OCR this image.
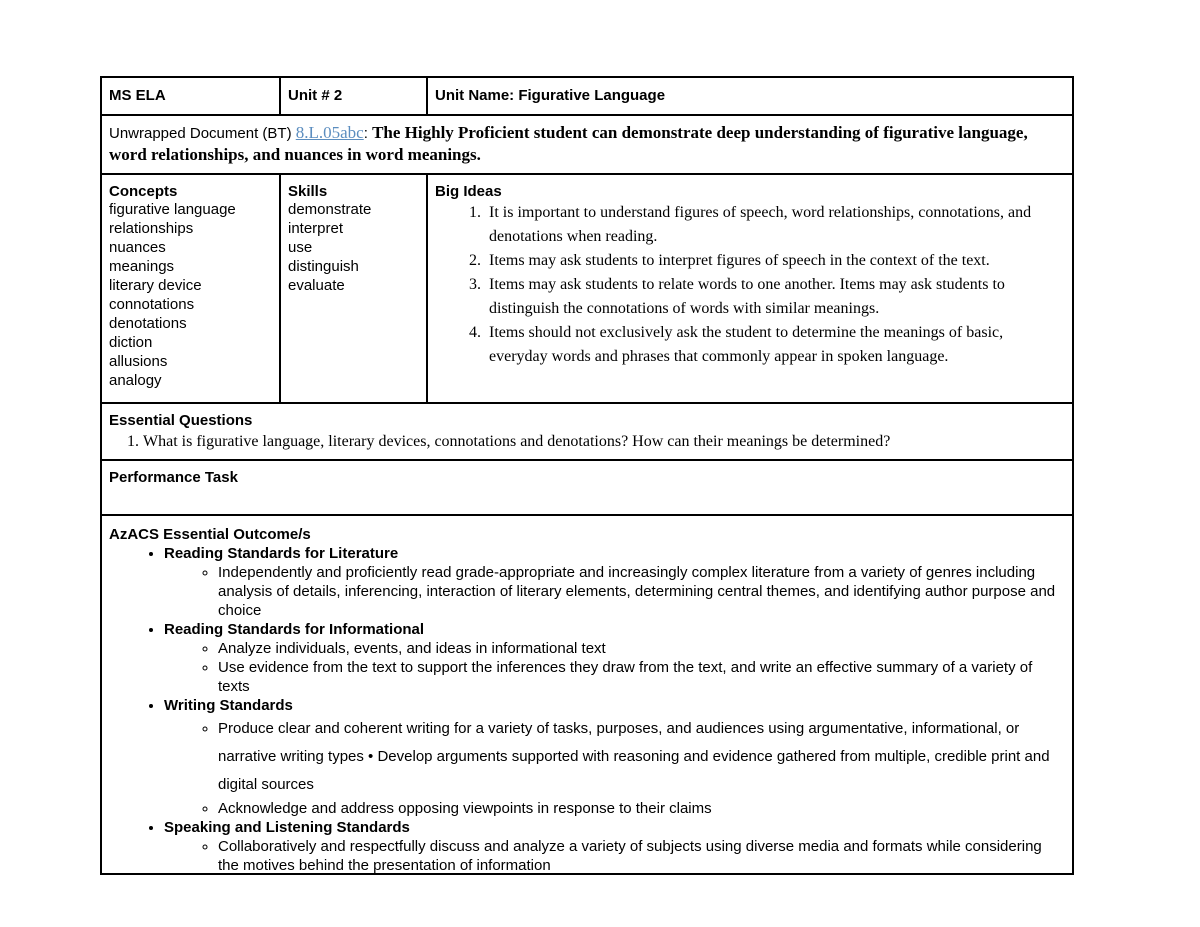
MS ELA	Unit # 2	Unit Name: Figurative Language
Unwrapped Document (BT) 8.L.05abc: The Highly Proficient student can demonstrate deep understanding of figurative language, word relationships, and nuances in word meanings.
Concepts
figurative language
relationships
nuances
meanings
literary device
connotations
denotations
diction
allusions
analogy
Skills
demonstrate
interpret
use
distinguish
evaluate
Big Ideas
1. It is important to understand figures of speech, word relationships, connotations, and denotations when reading.
2. Items may ask students to interpret figures of speech in the context of the text.
3. Items may ask students to relate words to one another. Items may ask students to distinguish the connotations of words with similar meanings.
4. Items should not exclusively ask the student to determine the meanings of basic, everyday words and phrases that commonly appear in spoken language.
Essential Questions
1. What is figurative language, literary devices, connotations and denotations? How can their meanings be determined?
Performance Task
AzACS Essential Outcome/s
• Reading Standards for Literature
◦ Independently and proficiently read grade-appropriate and increasingly complex literature from a variety of genres including analysis of details, inferencing, interaction of literary elements, determining central themes, and identifying author purpose and choice
• Reading Standards for Informational
◦ Analyze individuals, events, and ideas in informational text
◦ Use evidence from the text to support the inferences they draw from the text, and write an effective summary of a variety of texts
• Writing Standards
◦ Produce clear and coherent writing for a variety of tasks, purposes, and audiences using argumentative, informational, or narrative writing types • Develop arguments supported with reasoning and evidence gathered from multiple, credible print and digital sources
◦ Acknowledge and address opposing viewpoints in response to their claims
• Speaking and Listening Standards
◦ Collaboratively and respectfully discuss and analyze a variety of subjects using diverse media and formats while considering the motives behind the presentation of information
